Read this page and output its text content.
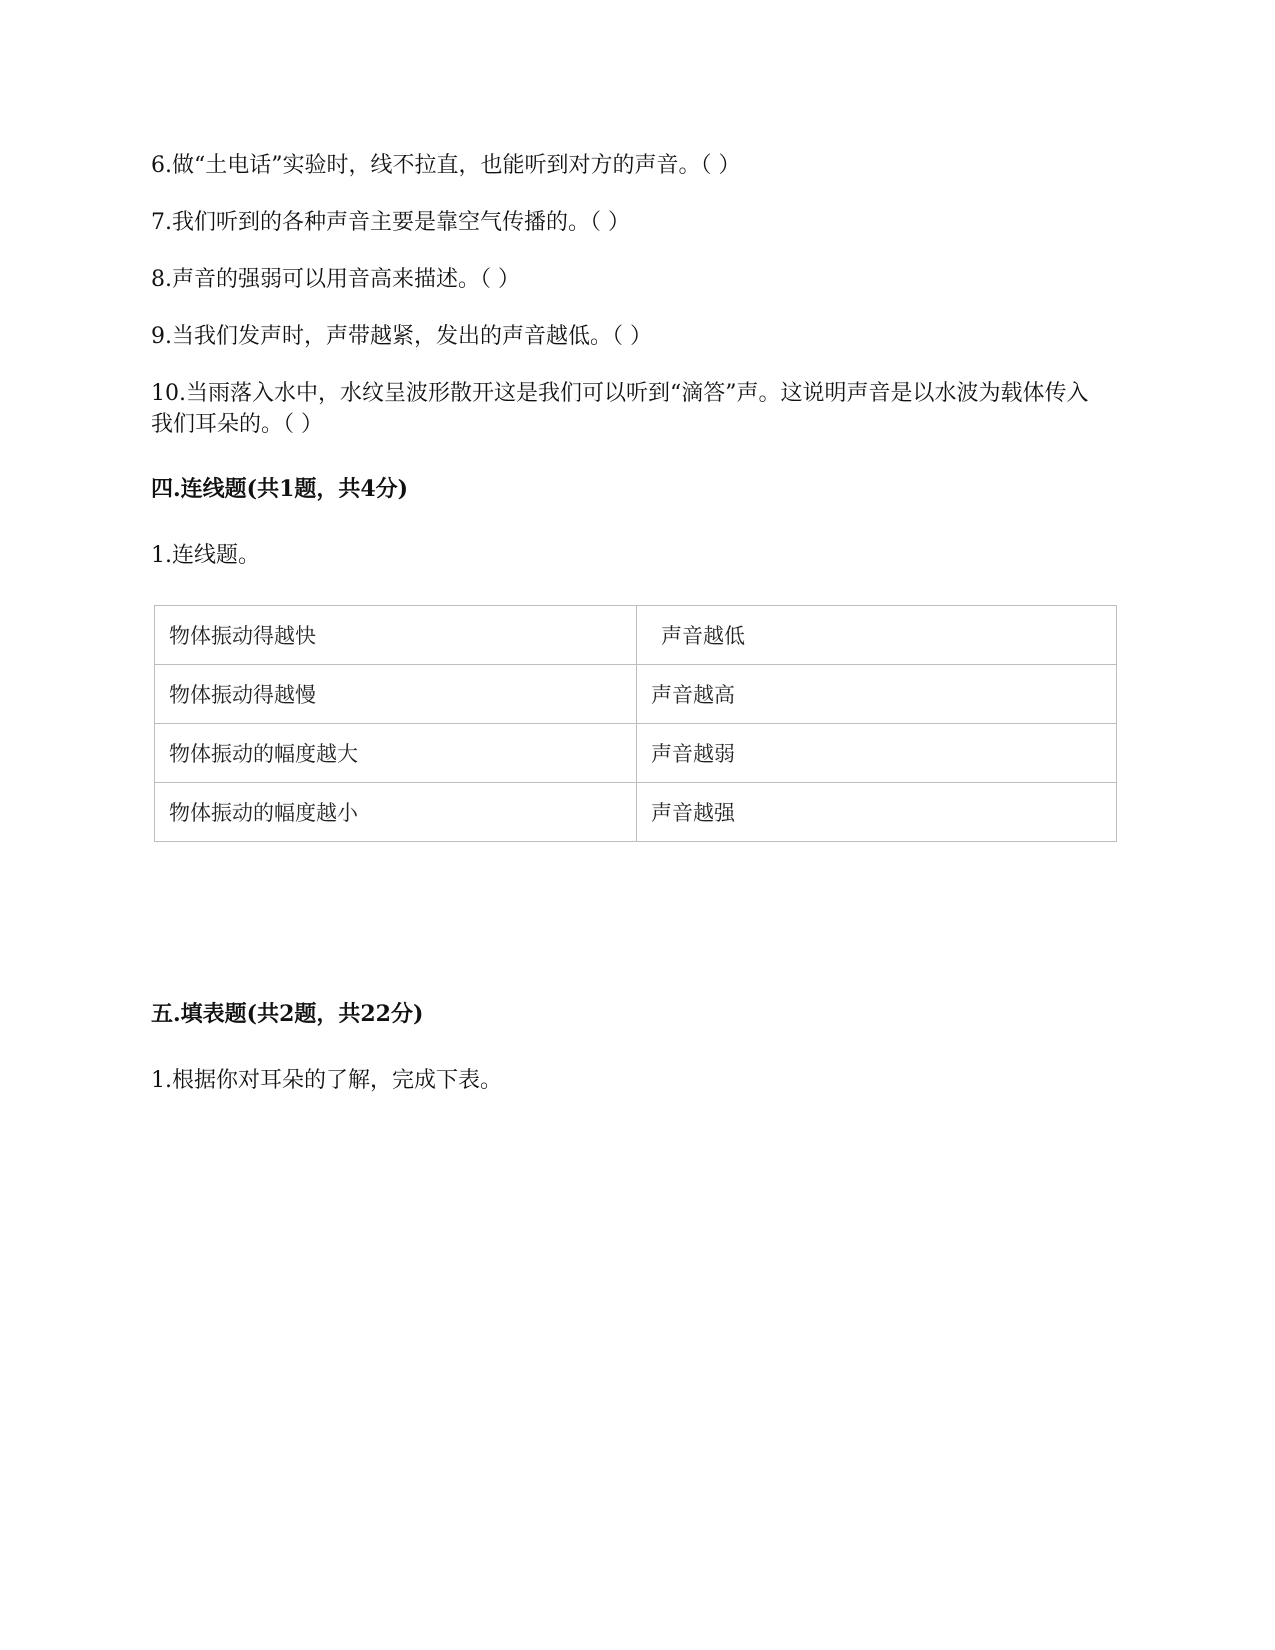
6.做“土电话”实验时，线不拉直，也能听到对方的声音。（ ）
7.我们听到的各种声音主要是靠空气传播的。（ ）
8.声音的强弱可以用音高来描述。（ ）
9.当我们发声时，声带越紧，发出的声音越低。（ ）
10.当雨落入水中，水纹呈波形散开这是我们可以听到“滴答”声。这说明声音是以水波为载体传入我们耳朵的。（ ）
四.连线题(共1题，共4分)
1.连线题。
物体振动得越快	声音越低
物体振动得越慢	声音越高
物体振动的幅度越大	声音越弱
物体振动的幅度越小	声音越强
五.填表题(共2题，共22分)
1.根据你对耳朵的了解，完成下表。
